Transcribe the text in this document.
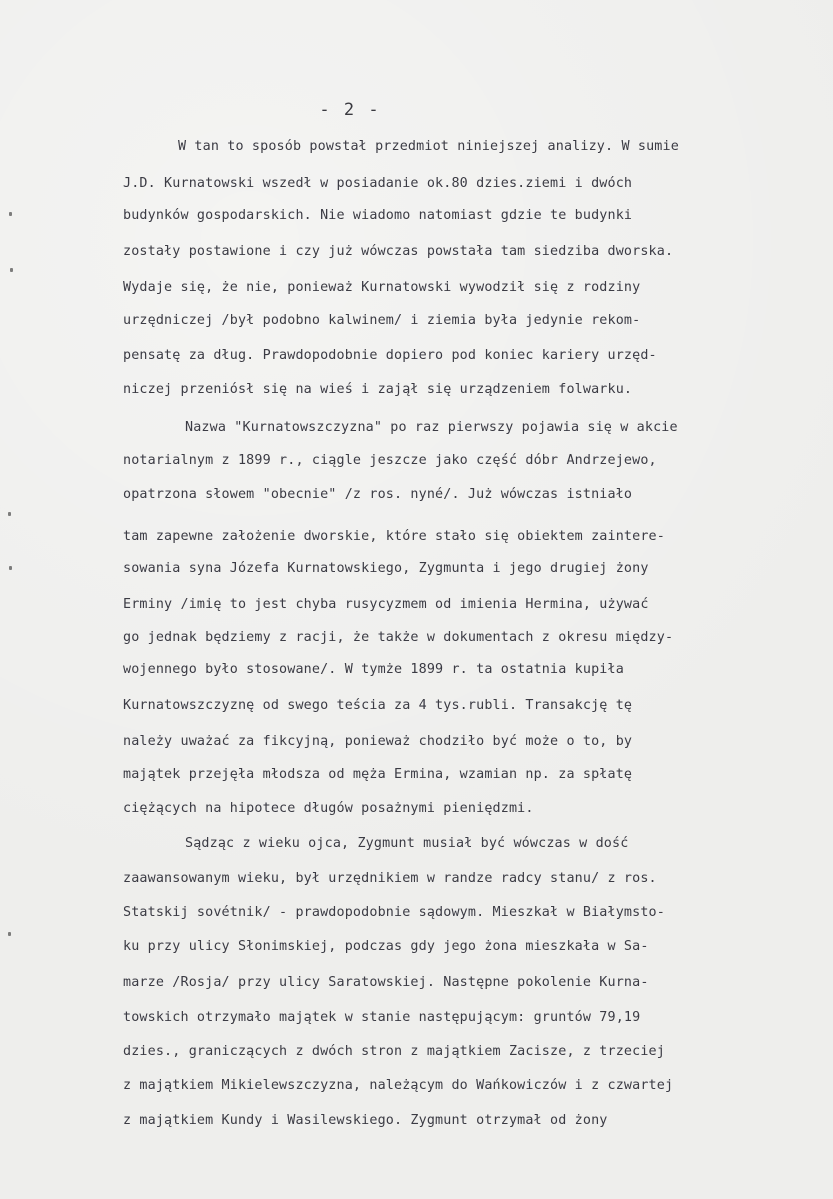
- 2 -
W tan to sposób powstał przedmiot niniejszej analizy. W sumie
J.D. Kurnatowski wszedł w posiadanie ok.80 dzies.ziemi i dwóch
budynków gospodarskich. Nie wiadomo natomiast gdzie te budynki
zostały postawione i czy już wówczas powstała tam siedziba dworska.
Wydaje się, że nie, ponieważ Kurnatowski wywodził się z rodziny
urzędniczej /był podobno kalwinem/ i ziemia była jedynie rekom-
pensatę za dług. Prawdopodobnie dopiero pod koniec kariery urzęd-
niczej przeniósł się na wieś i zajął się urządzeniem folwarku.
Nazwa "Kurnatowszczyzna" po raz pierwszy pojawia się w akcie
notarialnym z 1899 r., ciągle jeszcze jako część dóbr Andrzejewo,
opatrzona słowem "obecnie" /z ros. nyné/. Już wówczas istniało
tam zapewne założenie dworskie, które stało się obiektem zaintere-
sowania syna Józefa Kurnatowskiego, Zygmunta i jego drugiej żony
Erminy /imię to jest chyba rusycyzmem od imienia Hermina, używać
go jednak będziemy z racji, że także w dokumentach z okresu między-
wojennego było stosowane/. W tymże 1899 r. ta ostatnia kupiła
Kurnatowszczyznę od swego teścia za 4 tys.rubli. Transakcję tę
należy uważać za fikcyjną, ponieważ chodziło być może o to, by
majątek przejęła młodsza od męża Ermina, wzamian np. za spłatę
ciężących na hipotece długów posażnymi pieniędzmi.
Sądząc z wieku ojca, Zygmunt musiał być wówczas w dość
zaawansowanym wieku, był urzędnikiem w randze radcy stanu/ z ros.
Statskij sovétnik/ - prawdopodobnie sądowym. Mieszkał w Białymsto-
ku przy ulicy Słonimskiej, podczas gdy jego żona mieszkała w Sa-
marze /Rosja/ przy ulicy Saratowskiej. Następne pokolenie Kurna-
towskich otrzymało majątek w stanie następującym: gruntów 79,19
dzies., graniczących z dwóch stron z majątkiem Zacisze, z trzeciej
z majątkiem Mikielewszczyzna, należącym do Wańkowiczów i z czwartej
z majątkiem Kundy i Wasilewskiego. Zygmunt otrzymał od żony
